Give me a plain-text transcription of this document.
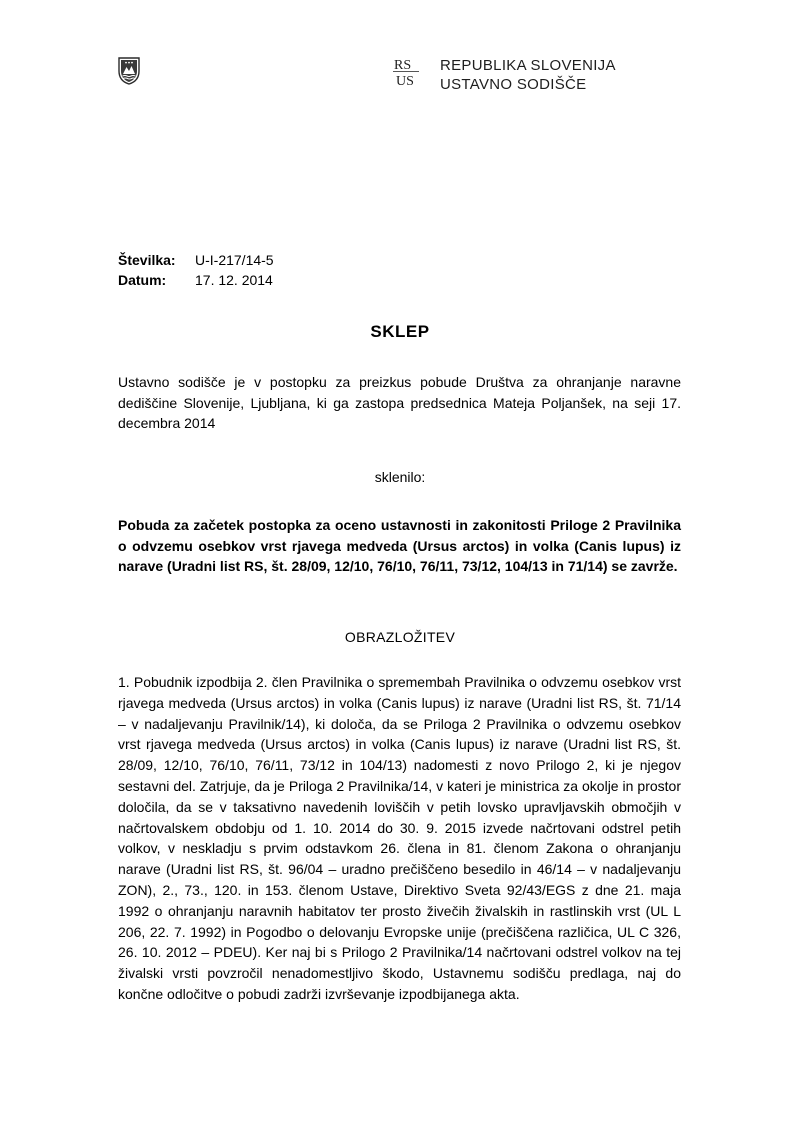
RS
US
REPUBLIKA SLOVENIJA
USTAVNO SODIŠČE
Številka:	U-I-217/14-5
Datum:	17. 12. 2014
SKLEP
Ustavno sodišče je v postopku za preizkus pobude Društva za ohranjanje naravne dediščine Slovenije, Ljubljana, ki ga zastopa predsednica Mateja Poljanšek, na seji 17. decembra 2014
sklenilo:
Pobuda za začetek postopka za oceno ustavnosti in zakonitosti Priloge 2 Pravilnika o odvzemu osebkov vrst rjavega medveda (Ursus arctos) in volka (Canis lupus) iz narave (Uradni list RS, št. 28/09, 12/10, 76/10, 76/11, 73/12, 104/13 in 71/14) se zavrže.
OBRAZLOŽITEV
1. Pobudnik izpodbija 2. člen Pravilnika o spremembah Pravilnika o odvzemu osebkov vrst rjavega medveda (Ursus arctos) in volka (Canis lupus) iz narave (Uradni list RS, št. 71/14 – v nadaljevanju Pravilnik/14), ki določa, da se Priloga 2 Pravilnika o odvzemu osebkov vrst rjavega medveda (Ursus arctos) in volka (Canis lupus) iz narave (Uradni list RS, št. 28/09, 12/10, 76/10, 76/11, 73/12 in 104/13) nadomesti z novo Prilogo 2, ki je njegov sestavni del. Zatrjuje, da je Priloga 2 Pravilnika/14, v kateri je ministrica za okolje in prostor določila, da se v taksativno navedenih loviščih v petih lovsko upravljavskih območjih v načrtovalskem obdobju od 1. 10. 2014 do 30. 9. 2015 izvede načrtovani odstrel petih volkov, v neskladju s prvim odstavkom 26. člena in 81. členom Zakona o ohranjanju narave (Uradni list RS, št. 96/04 – uradno prečiščeno besedilo in 46/14 – v nadaljevanju ZON), 2., 73., 120. in 153. členom Ustave, Direktivo Sveta 92/43/EGS z dne 21. maja 1992 o ohranjanju naravnih habitatov ter prosto živečih živalskih in rastlinskih vrst (UL L 206, 22. 7. 1992) in Pogodbo o delovanju Evropske unije (prečiščena različica, UL C 326, 26. 10. 2012 – PDEU). Ker naj bi s Prilogo 2 Pravilnika/14 načrtovani odstrel volkov na tej živalski vrsti povzročil nenadomestljivo škodo, Ustavnemu sodišču predlaga, naj do končne odločitve o pobudi zadrži izvrševanje izpodbijanega akta.
